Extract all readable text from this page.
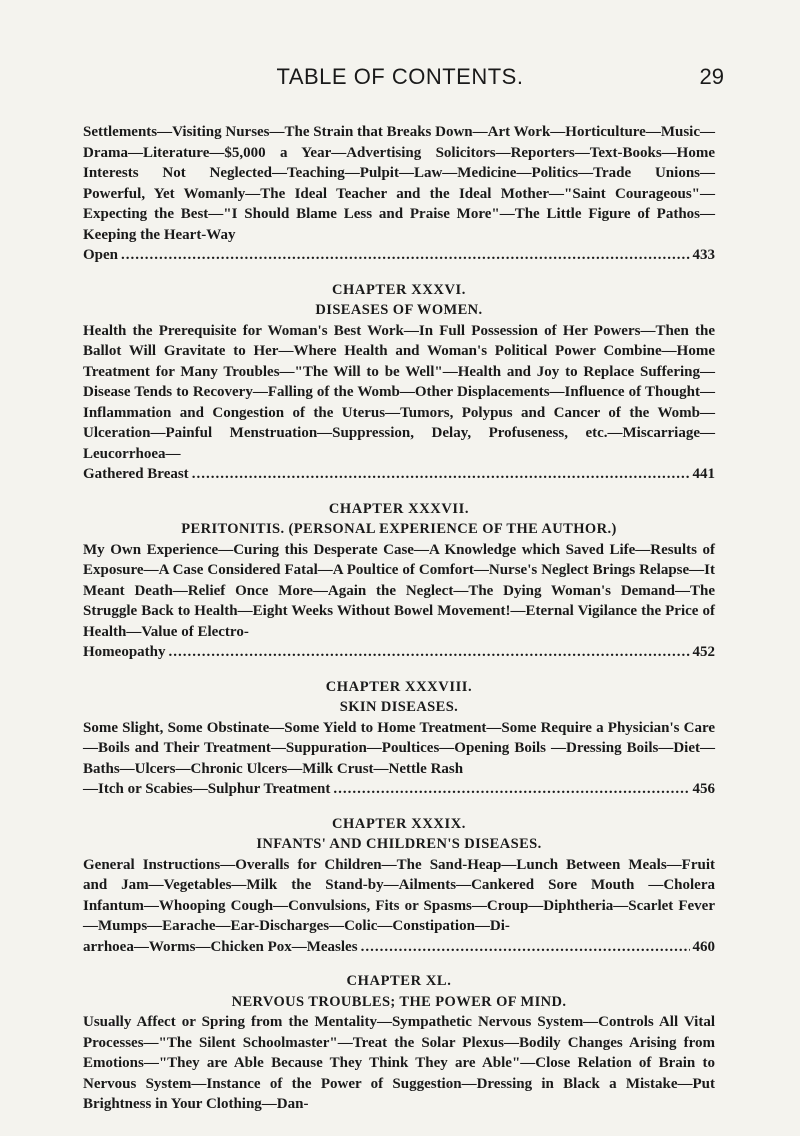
TABLE OF CONTENTS.	29
Settlements—Visiting Nurses—The Strain that Breaks Down—Art Work—Horticulture—Music—Drama—Literature—$5,000 a Year—Advertising Solicitors—Reporters—Text-Books—Home Interests Not Neglected—Teaching—Pulpit—Law—Medicine—Politics—Trade Unions—Powerful, Yet Womanly—The Ideal Teacher and the Ideal Mother—"Saint Courageous"—Expecting the Best—"I Should Blame Less and Praise More"—The Little Figure of Pathos—Keeping the Heart-Way
Open .....	433
CHAPTER XXXVI.
DISEASES OF WOMEN.
Health the Prerequisite for Woman's Best Work—In Full Possession of Her Powers—Then the Ballot Will Gravitate to Her—Where Health and Woman's Political Power Combine—Home Treatment for Many Troubles—"The Will to be Well"—Health and Joy to Replace Suffering—Disease Tends to Recovery—Falling of the Womb—Other Displacements—Influence of Thought—Inflammation and Congestion of the Uterus—Tumors, Polypus and Cancer of the Womb—Ulceration—Painful Menstruation—Suppression, Delay, Profuseness, etc.—Miscarriage—Leucorrhoea—
Gathered Breast .....	441
CHAPTER XXXVII.
PERITONITIS. (PERSONAL EXPERIENCE OF THE AUTHOR.)
My Own Experience—Curing this Desperate Case—A Knowledge which Saved Life—Results of Exposure—A Case Considered Fatal—A Poultice of Comfort—Nurse's Neglect Brings Relapse—It Meant Death—Relief Once More—Again the Neglect—The Dying Woman's Demand—The Struggle Back to Health—Eight Weeks Without Bowel Movement!—Eternal Vigilance the Price of Health—Value of Electro-
Homeopathy .....	452
CHAPTER XXXVIII.
SKIN DISEASES.
Some Slight, Some Obstinate—Some Yield to Home Treatment—Some Require a Physician's Care—Boils and Their Treatment—Suppuration—Poultices—Opening Boils —Dressing Boils—Diet—Baths—Ulcers—Chronic Ulcers—Milk Crust—Nettle Rash
—Itch or Scabies—Sulphur Treatment .....	456
CHAPTER XXXIX.
INFANTS' AND CHILDREN'S DISEASES.
General Instructions—Overalls for Children—The Sand-Heap—Lunch Between Meals—Fruit and Jam—Vegetables—Milk the Stand-by—Ailments—Cankered Sore Mouth —Cholera Infantum—Whooping Cough—Convulsions, Fits or Spasms—Croup—Diphtheria—Scarlet Fever—Mumps—Earache—Ear-Discharges—Colic—Constipation—Di-
arrhoea—Worms—Chicken Pox—Measles .....	460
CHAPTER XL.
NERVOUS TROUBLES; THE POWER OF MIND.
Usually Affect or Spring from the Mentality—Sympathetic Nervous System—Controls All Vital Processes—"The Silent Schoolmaster"—Treat the Solar Plexus—Bodily Changes Arising from Emotions—"They are Able Because They Think They are Able"—Close Relation of Brain to Nervous System—Instance of the Power of Suggestion—Dressing in Black a Mistake—Put Brightness in Your Clothing—Dan-
